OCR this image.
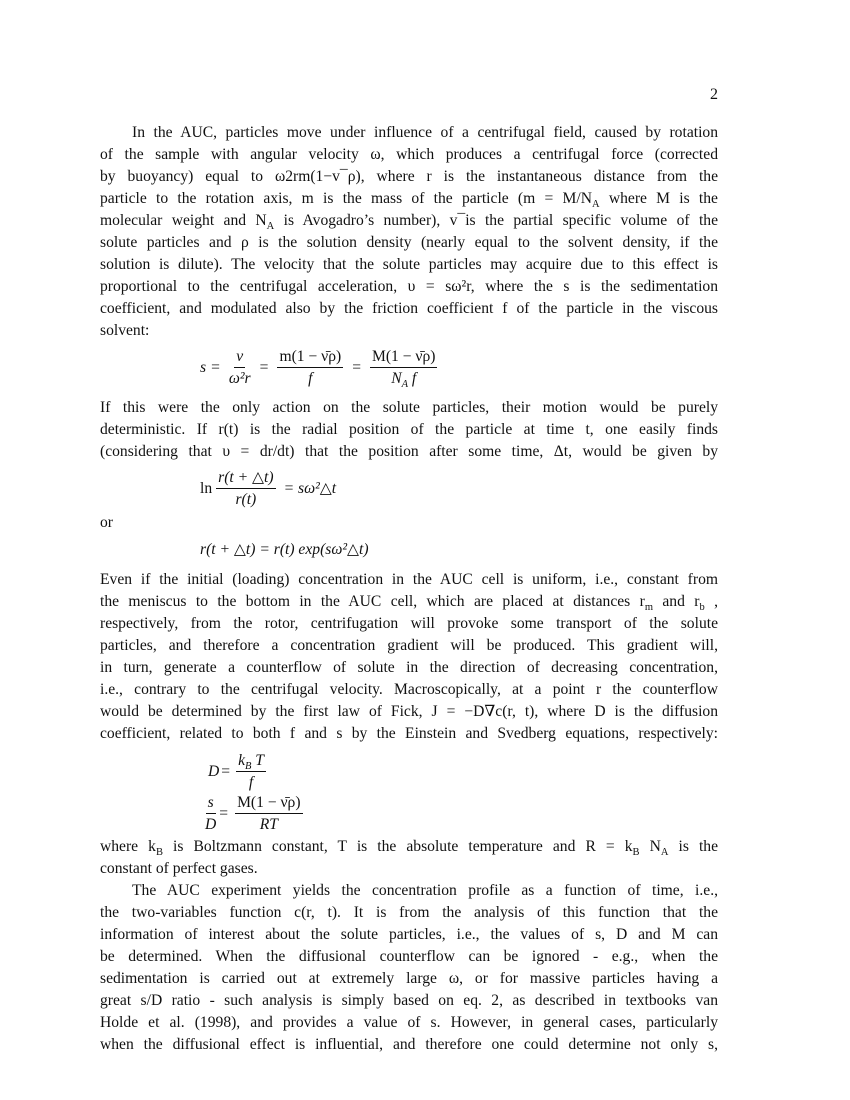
2
In the AUC, particles move under influence of a centrifugal field, caused by rotation
of the sample with angular velocity ω, which produces a centrifugal force (corrected
by buoyancy) equal to ω2rm(1−v¯ρ), where r is the instantaneous distance from the
particle to the rotation axis, m is the mass of the particle ($m = M/N_A$ where M is the
molecular weight and $N_A$ is Avogadro’s number), v¯is the partial specific volume of the
solute particles and ρ is the solution density (nearly equal to the solvent density, if the
solution is dilute). The velocity that the solute particles may acquire due to this effect is
proportional to the centrifugal acceleration, υ = sω²r, where the s is the sedimentation
coefficient, and modulated also by the friction coefficient f of the particle in the viscous
solvent:
$s = \frac{\nu}{\text{ω²r}} = \frac{m(1 - \nū\rho)}{f} = \frac{M(1 - \nū\rho)}{N_A f}$
If this were the only action on the solute particles, their motion would be purely
deterministic. If r(t) is the radial position of the particle at time t, one easily finds
(considering that υ = dr/dt) that the position after some time, Δt, would be given by
$\ln \frac{r(t + \triangle t)}{r(t)}$ = sω²△t
or
r(t + △t) = r(t) exp(sω²△t)
Even if the initial (loading) concentration in the AUC cell is uniform, i.e., constant from
the meniscus to the bottom in the AUC cell, which are placed at distances $r_m$ and $r_b$ ,
respectively, from the rotor, centrifugation will provoke some transport of the solute
particles, and therefore a concentration gradient will be produced. This gradient will,
in turn, generate a counterflow of solute in the direction of decreasing concentration,
i.e., contrary to the centrifugal velocity. Macroscopically, at a point r the counterflow
would be determined by the first law of Fick, J = −D∇c(r, t), where D is the diffusion
coefficient, related to both f and s by the Einstein and Svedberg equations, respectively:
$D = \frac{k_B T}{f}$
$\frac{s}{D} = \frac{M(1 - \nū\rho)}{RT}$
where $k_B$ is Boltzmann constant, T is the absolute temperature and $R = k_B$ $N_A$ is the
constant of perfect gases.
The AUC experiment yields the concentration profile as a function of time, i.e.,
the two-variables function c(r, t). It is from the analysis of this function that the
information of interest about the solute particles, i.e., the values of s, D and M can
be determined. When the diffusional counterflow can be ignored - e.g., when the
sedimentation is carried out at extremely large ω, or for massive particles having a
great s/D ratio - such analysis is simply based on eq. 2, as described in textbooks van
Holde et al. (1998), and provides a value of s. However, in general cases, particularly
when the diffusional effect is influential, and therefore one could determine not only s,
